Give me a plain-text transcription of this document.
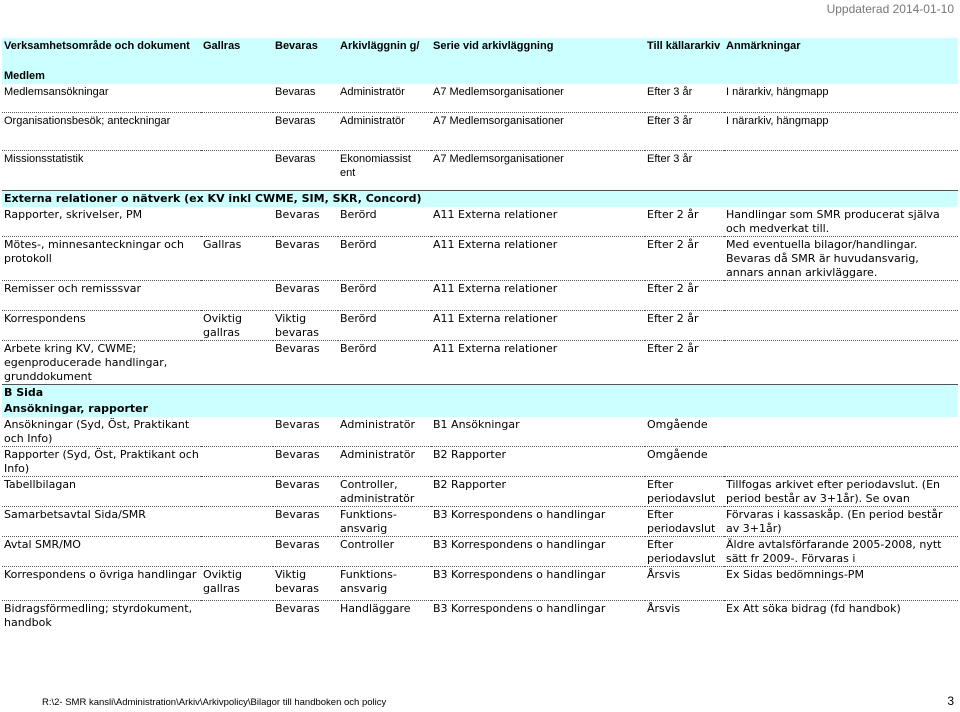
Uppdaterad 2014-01-10
Verksamhetsområde och dokument	Gallras	Bevaras	Arkivläggnin g/	Serie vid arkivläggning	Till källararkiv	Anmärkningar
Medlem						
Medlemsansökningar		Bevaras	Administratör	A7 Medlemsorganisationer	Efter 3 år	I närarkiv, hängmapp
Organisationsbesök; anteckningar		Bevaras	Administratör	A7 Medlemsorganisationer	Efter 3 år	I närarkiv, hängmapp
Missionsstatistik		Bevaras	Ekonomiassist ent	A7 Medlemsorganisationer	Efter 3 år	
Externa relationer o nätverk (ex KV inkl CWME, SIM, SKR, Concord)						
Rapporter, skrivelser, PM		Bevaras	Berörd	A11 Externa relationer	Efter 2 år	Handlingar som SMR producerat själva och medverkat till.
Mötes-, minnesanteckningar och protokoll	Gallras	Bevaras	Berörd	A11 Externa relationer	Efter 2 år	Med eventuella bilagor/handlingar. Bevaras då SMR är huvudansvarig, annars annan arkivläggare.
Remisser och remisssvar		Bevaras	Berörd	A11 Externa relationer	Efter 2 år	
Korrespondens	Oviktig gallras	Viktig bevaras	Berörd	A11 Externa relationer	Efter 2 år	
Arbete kring KV, CWME; egenproducerade handlingar, grunddokument		Bevaras	Berörd	A11 Externa relationer	Efter 2 år	
B Sida						
Ansökningar, rapporter						
Ansökningar (Syd, Öst, Praktikant och Info)		Bevaras	Administratör	B1 Ansökningar	Omgående	
Rapporter (Syd, Öst, Praktikant och Info)		Bevaras	Administratör	B2 Rapporter	Omgående	
Tabellbilagan		Bevaras	Controller, administratör	B2 Rapporter	Efter periodavslut	Tillfogas arkivet efter periodavslut. (En period består av 3+1år). Se ovan
Samarbetsavtal Sida/SMR		Bevaras	Funktions- ansvarig	B3 Korrespondens o handlingar	Efter periodavslut	Förvaras i kassaskåp. (En period består av 3+1år)
Avtal SMR/MO		Bevaras	Controller	B3 Korrespondens o handlingar	Efter periodavslut	Äldre avtalsförfarande 2005-2008, nytt sätt fr 2009-. Förvaras i
Korrespondens o övriga handlingar	Oviktig gallras	Viktig bevaras	Funktions- ansvarig	B3 Korrespondens o handlingar	Årsvis	Ex Sidas bedömnings-PM
Bidragsförmedling; styrdokument, handbok		Bevaras	Handläggare	B3 Korrespondens o handlingar	Årsvis	Ex Att söka bidrag (fd handbok)
R:\2- SMR kansli\Administration\Arkiv\Arkivpolicy\Bilagor till handboken och policy	3
